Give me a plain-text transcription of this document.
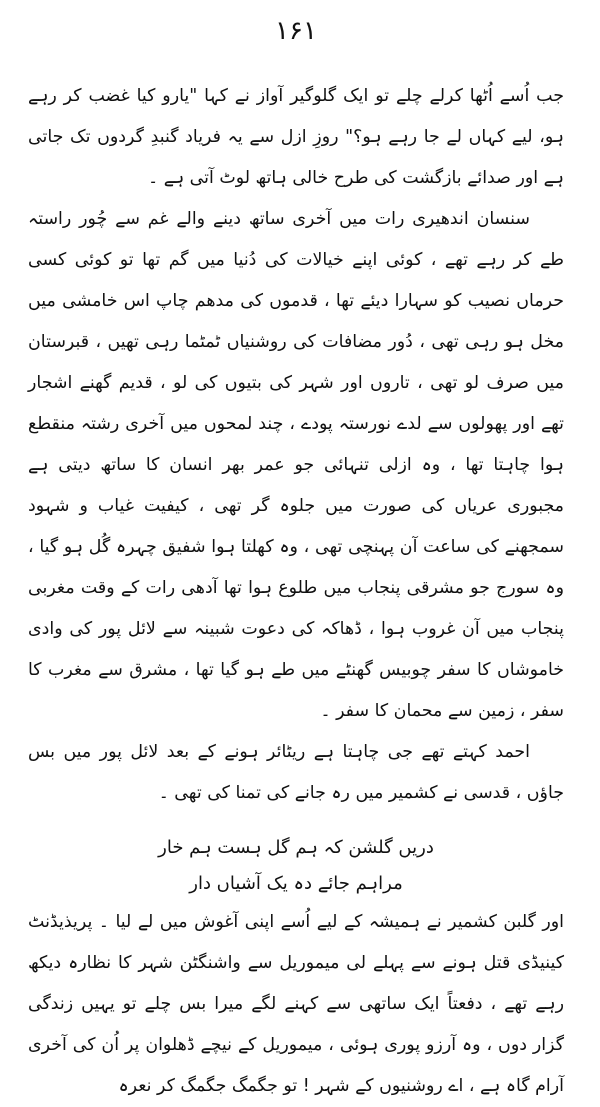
۱۶۱

جب اُسے اُٹھا کرلے چلے تو ایک گلوگیر آواز نے کہا "یارو کیا غضب کر رہے ہو، لیے کہاں لے جا رہے ہو؟" روزِ ازل سے یہ فریاد گنبدِ گردوں تک جاتی ہے اور صدائے بازگشت کی طرح خالی ہاتھ لوٹ آتی ہے ۔

سنسان اندھیری رات میں آخری ساتھ دینے والے غم سے چُور راستہ طے کر رہے تھے ، کوئی اپنے خیالات کی دُنیا میں گم تھا تو کوئی کسی حرماں نصیب کو سہارا دیئے تھا ، قدموں کی مدھم چاپ اس خامشی میں مخل ہو رہی تھی ، دُور مضافات کی روشنیاں ٹمٹما رہی تھیں ، قبرستان میں صرف لو تھی ، تاروں اور شہر کی بتیوں کی لو ، قدیم گھنے اشجار تھے اور پھولوں سے لدے نورستہ پودے ، چند لمحوں میں آخری رشتہ منقطع ہوا چاہتا تھا ، وہ ازلی تنہائی جو عمر بھر انسان کا ساتھ دیتی ہے مجبوری عریاں کی صورت میں جلوہ گر تھی ، کیفیت غیاب و شہود سمجھنے کی ساعت آن پہنچی تھی ، وہ کھلتا ہوا شفیق چہرہ گُل ہو گیا ، وہ سورج جو مشرقی پنجاب میں طلوع ہوا تھا آدھی رات کے وقت مغربی پنجاب میں آن غروب ہوا ، ڈھاکہ کی دعوت شبینہ سے لائل پور کی وادی خاموشاں کا سفر چوبیس گھنٹے میں طے ہو گیا تھا ، مشرق سے مغرب کا سفر ، زمین سے محمان کا سفر ۔

احمد کہتے تھے جی چاہتا ہے ریٹائر ہونے کے بعد لائل پور میں بس جاؤں ، قدسی نے کشمیر میں رہ جانے کی تمنا کی تھی ۔

دریں گلشن کہ ہم گل ہست ہم خار

مراہم جائے دہ یک آشیاں دار

اور گلبن کشمیر نے ہمیشہ کے لیے اُسے اپنی آغوش میں لے لیا ۔ پریذیڈنٹ کینیڈی قتل ہونے سے پہلے لی میموریل سے واشنگٹن شہر کا نظارہ دیکھ رہے تھے ، دفعتاً ایک ساتھی سے کہنے لگے میرا بس چلے تو یہیں زندگی گزار دوں ، وہ آرزو پوری ہوئی ، میموریل کے نیچے ڈھلوان پر اُن کی آخری آرام گاہ ہے ، اے روشنیوں کے شہر ! تو جگمگ جگمگ کر نعرہ
